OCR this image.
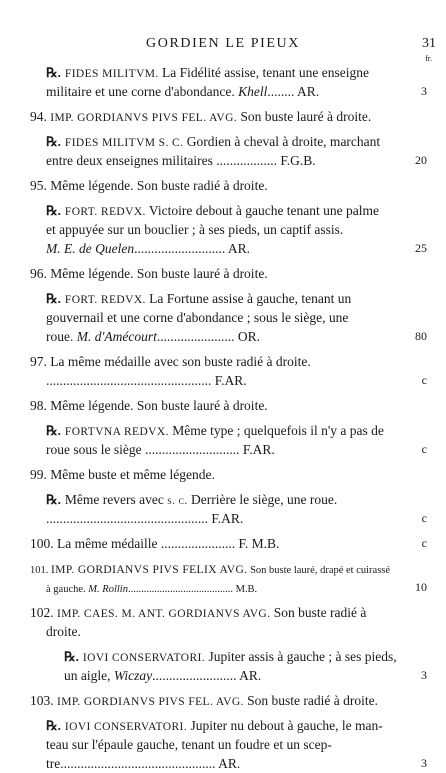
GORDIEN LE PIEUX	31
fr.
℞. FIDES MILITVM. La Fidélité assise, tenant une enseigne
militaire et une corne d'abondance. Khell........ AR.	3
94. IMP. GORDIANVS PIVS FEL. AVG. Son buste lauré à droite.
℞. FIDES MILITVM S. C. Gordien à cheval à droite, marchant
entre deux enseignes militaires .................. F.G.B.	20
95. Même légende. Son buste radié à droite.
℞. FORT. REDVX. Victoire debout à gauche tenant une palme
et appuyée sur un bouclier ; à ses pieds, un captif assis.
M. E. de Quelen........................... AR.	25
96. Même légende. Son buste lauré à droite.
℞. FORT. REDVX. La Fortune assise à gauche, tenant un
gouvernail et une corne d'abondance ; sous le siège, une
roue. M. d'Amécourt....................... OR.	80
97. La même médaille avec son buste radié à droite.
................................................. F.AR.	c
98. Même légende. Son buste lauré à droite.
℞. FORTVNA REDVX. Même type ; quelquefois il n'y a pas de
roue sous le siège ............................ F.AR.	c
99. Même buste et même légende.
℞. Même revers avec s. c. Derrière le siège, une roue.
................................................ F.AR.	c
100. La même médaille ...................... F. M.B.	c
101. IMP. GORDIANVS PIVS FELIX AVG. Son buste lauré, drapé et cuirassé
à gauche. M. Rollin........................................ M.B.	10
102. IMP. CAES. M. ANT. GORDIANVS AVG. Son buste radié à
droite.
℞. IOVI CONSERVATORI. Jupiter assis à gauche ; à ses pieds,
un aigle, Wiczay......................... AR.	3
103. IMP. GORDIANVS PIVS FEL. AVG. Son buste radié à droite.
℞. IOVI CONSERVATORI. Jupiter nu debout à gauche, le man-
teau sur l'épaule gauche, tenant un foudre et un scep-
tre.............................................. AR.	3
